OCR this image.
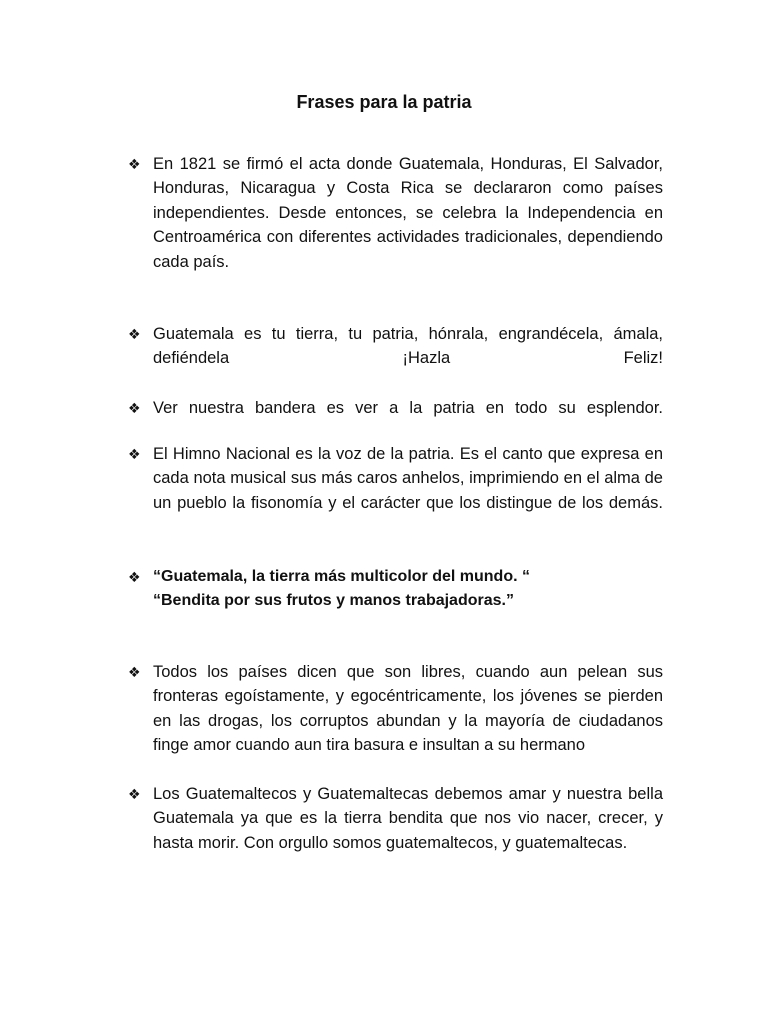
Frases para la patria
❖ En 1821 se firmó el acta donde Guatemala, Honduras, El Salvador, Honduras, Nicaragua y Costa Rica se declararon como países independientes. Desde entonces, se celebra la Independencia en Centroamérica con diferentes actividades tradicionales, dependiendo cada país.
❖ Guatemala es tu tierra, tu patria, hónrala, engrandécela, ámala, defiéndela ¡Hazla Feliz!
❖ Ver nuestra bandera es ver a la patria en todo su esplendor.
❖ El Himno Nacional es la voz de la patria. Es el canto que expresa en cada nota musical sus más caros anhelos, imprimiendo en el alma de un pueblo la fisonomía y el carácter que los distingue de los demás.
❖ “Guatemala, la tierra más multicolor del mundo. “
“Bendita por sus frutos y manos trabajadoras.”
❖ Todos los países dicen que son libres, cuando aun pelean sus fronteras egoístamente, y egocéntricamente, los jóvenes se pierden en las drogas, los corruptos abundan y la mayoría de ciudadanos finge amor cuando aun tira basura e insultan a su hermano
❖ Los Guatemaltecos y Guatemaltecas debemos amar y nuestra bella Guatemala ya que es la tierra bendita que nos vio nacer, crecer, y hasta morir. Con orgullo somos guatemaltecos, y guatemaltecas.
